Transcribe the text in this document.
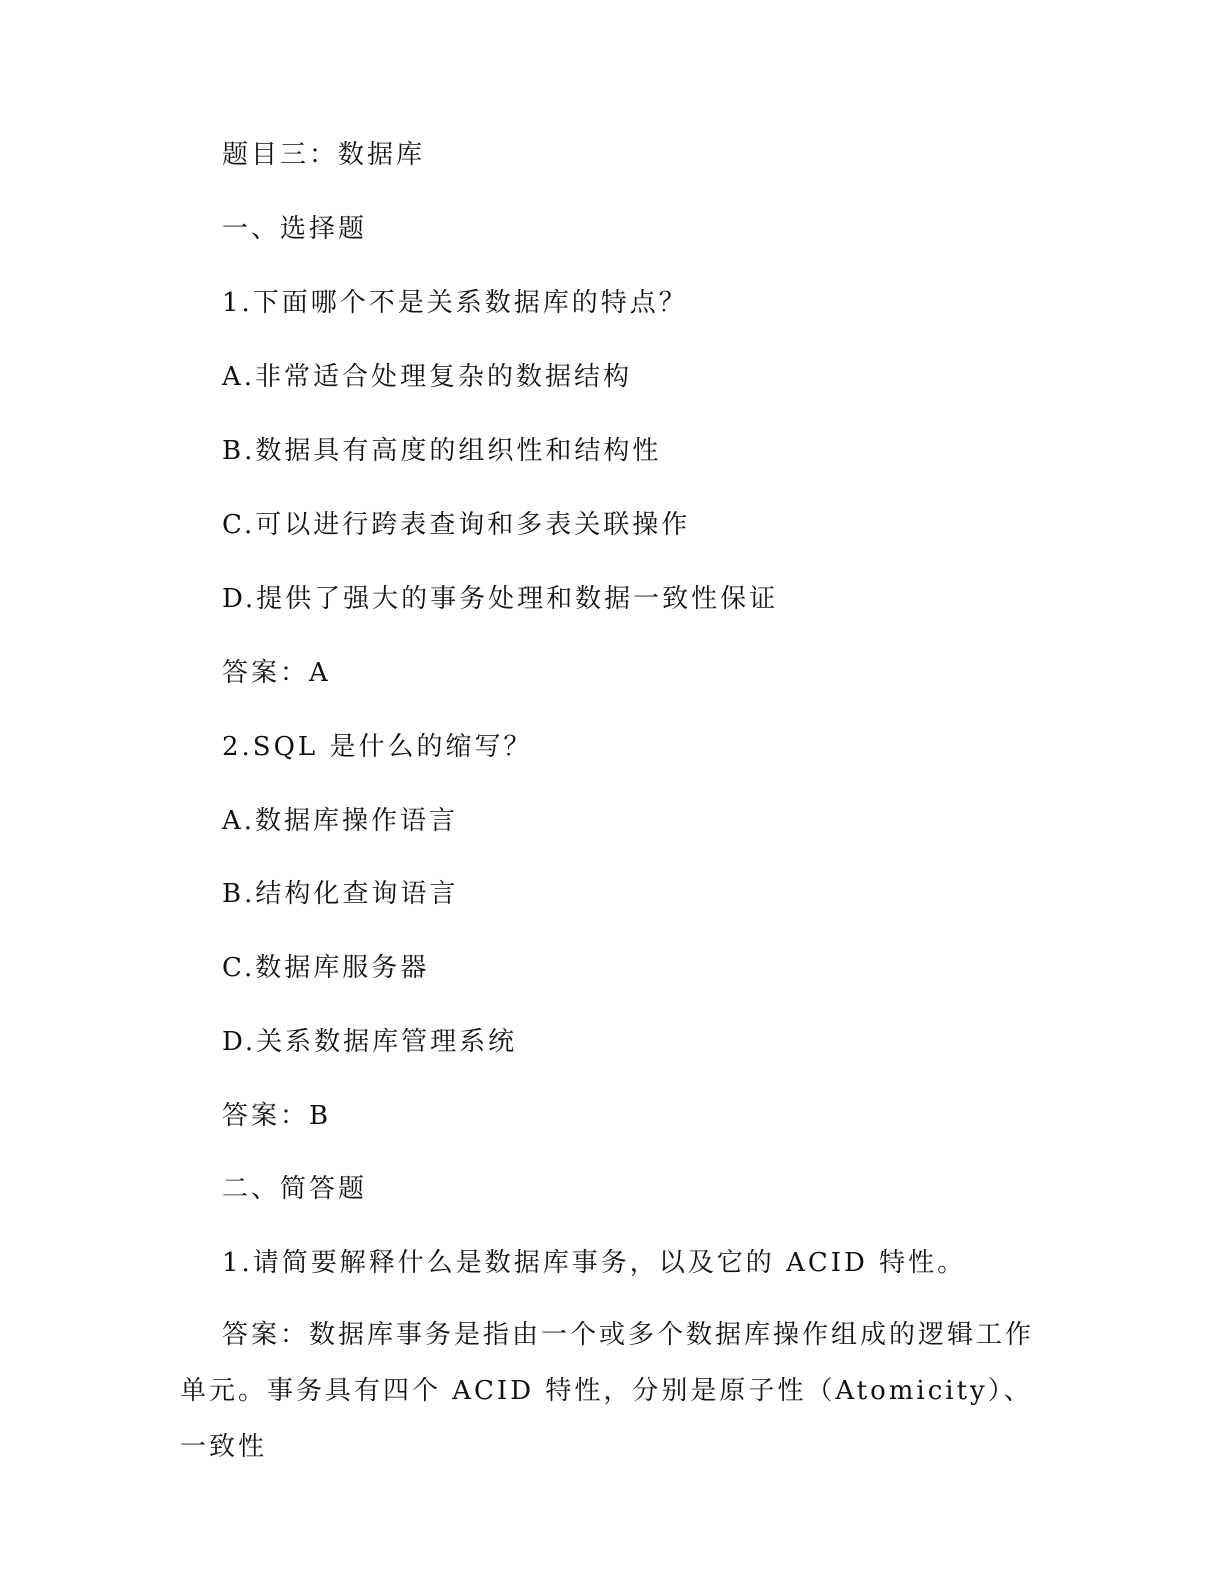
题目三：数据库
一、选择题
1.下面哪个不是关系数据库的特点？
A.非常适合处理复杂的数据结构
B.数据具有高度的组织性和结构性
C.可以进行跨表查询和多表关联操作
D.提供了强大的事务处理和数据一致性保证
答案：A
2.SQL 是什么的缩写？
A.数据库操作语言
B.结构化查询语言
C.数据库服务器
D.关系数据库管理系统
答案：B
二、简答题
1.请简要解释什么是数据库事务，以及它的 ACID 特性。
答案：数据库事务是指由一个或多个数据库操作组成的逻辑工作单元。事务具有四个 ACID 特性，分别是原子性（Atomicity）、一致性
